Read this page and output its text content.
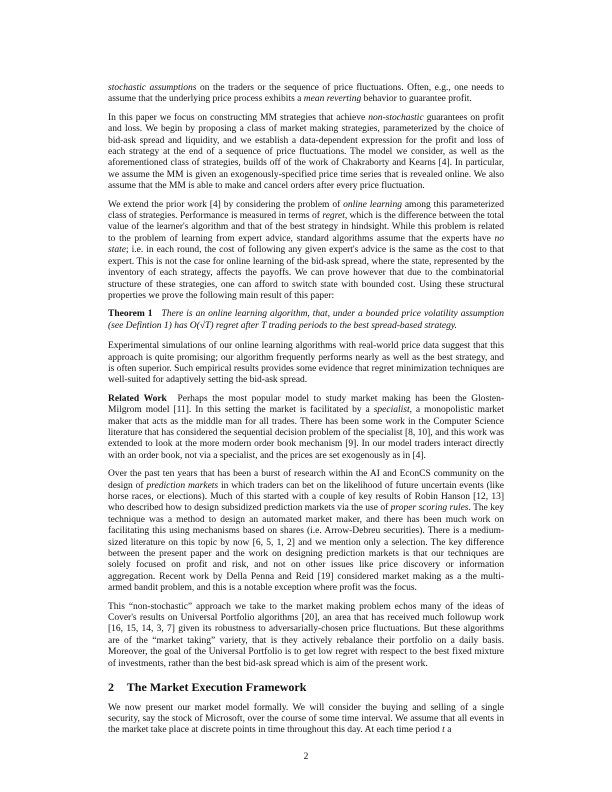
stochastic assumptions on the traders or the sequence of price fluctuations. Often, e.g., one needs to assume that the underlying price process exhibits a mean reverting behavior to guarantee profit.

In this paper we focus on constructing MM strategies that achieve non-stochastic guarantees on profit and loss. We begin by proposing a class of market making strategies, parameterized by the choice of bid-ask spread and liquidity, and we establish a data-dependent expression for the profit and loss of each strategy at the end of a sequence of price fluctuations. The model we consider, as well as the aforementioned class of strategies, builds off of the work of Chakraborty and Kearns [4]. In particular, we assume the MM is given an exogenously-specified price time series that is revealed online. We also assume that the MM is able to make and cancel orders after every price fluctuation.

We extend the prior work [4] by considering the problem of online learning among this parameterized class of strategies. Performance is measured in terms of regret, which is the difference between the total value of the learner's algorithm and that of the best strategy in hindsight. While this problem is related to the problem of learning from expert advice, standard algorithms assume that the experts have no state; i.e. in each round, the cost of following any given expert's advice is the same as the cost to that expert. This is not the case for online learning of the bid-ask spread, where the state, represented by the inventory of each strategy, affects the payoffs. We can prove however that due to the combinatorial structure of these strategies, one can afford to switch state with bounded cost. Using these structural properties we prove the following main result of this paper:

Theorem 1 There is an online learning algorithm, that, under a bounded price volatility assumption (see Defintion 1) has O(√T) regret after T trading periods to the best spread-based strategy.

Experimental simulations of our online learning algorithms with real-world price data suggest that this approach is quite promising; our algorithm frequently performs nearly as well as the best strategy, and is often superior. Such empirical results provides some evidence that regret minimization techniques are well-suited for adaptively setting the bid-ask spread.

Related Work Perhaps the most popular model to study market making has been the Glosten-Milgrom model [11]. In this setting the market is facilitated by a specialist, a monopolistic market maker that acts as the middle man for all trades. There has been some work in the Computer Science literature that has considered the sequential decision problem of the specialist [8, 10], and this work was extended to look at the more modern order book mechanism [9]. In our model traders interact directly with an order book, not via a specialist, and the prices are set exogenously as in [4].

Over the past ten years that has been a burst of research within the AI and EconCS community on the design of prediction markets in which traders can bet on the likelihood of future uncertain events (like horse races, or elections). Much of this started with a couple of key results of Robin Hanson [12, 13] who described how to design subsidized prediction markets via the use of proper scoring rules. The key technique was a method to design an automated market maker, and there has been much work on facilitating this using mechanisms based on shares (i.e. Arrow-Debreu securities). There is a medium-sized literature on this topic by now [6, 5, 1, 2] and we mention only a selection. The key difference between the present paper and the work on designing prediction markets is that our techniques are solely focused on profit and risk, and not on other issues like price discovery or information aggregation. Recent work by Della Penna and Reid [19] considered market making as a the multi-armed bandit problem, and this is a notable exception where profit was the focus.

This “non-stochastic” approach we take to the market making problem echos many of the ideas of Cover's results on Universal Portfolio algorithms [20], an area that has received much followup work [16, 15, 14, 3, 7] given its robustness to adversarially-chosen price fluctuations. But these algorithms are of the “market taking” variety, that is they actively rebalance their portfolio on a daily basis. Moreover, the goal of the Universal Portfolio is to get low regret with respect to the best fixed mixture of investments, rather than the best bid-ask spread which is aim of the present work.

2 The Market Execution Framework

We now present our market model formally. We will consider the buying and selling of a single security, say the stock of Microsoft, over the course of some time interval. We assume that all events in the market take place at discrete points in time throughout this day. At each time period t a

2
